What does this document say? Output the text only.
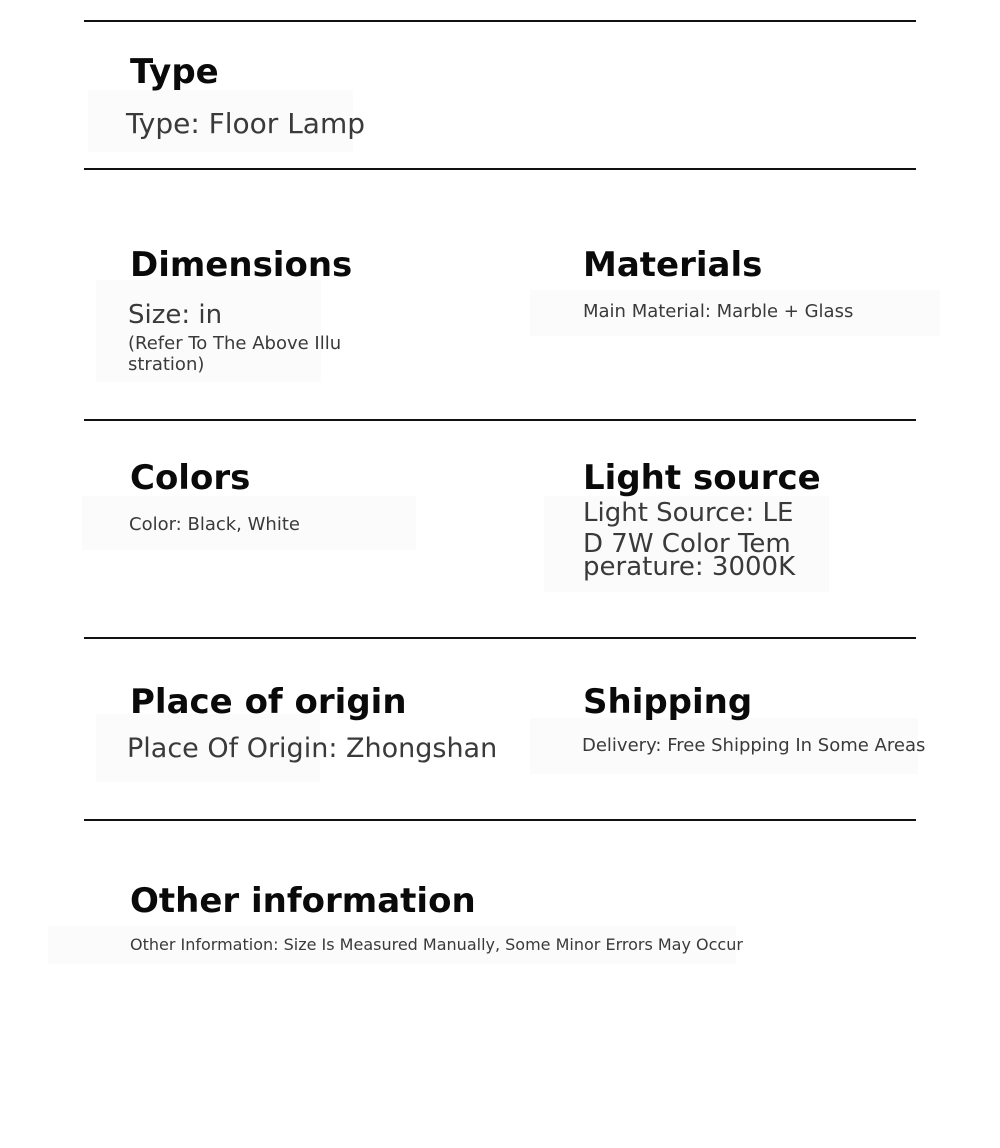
Type

Type: Floor Lamp

Dimensions

Size: in

(Refer To The Above Illu

stration)

Materials

Main Material: Marble + Glass

Colors

Color: Black, White

Light source

Light Source: LE

D 7W Color Tem

perature: 3000K

Place of origin

Place Of Origin: Zhongshan

Shipping

Delivery: Free Shipping In Some Areas

Other information

Other Information: Size Is Measured Manually, Some Minor Errors May Occur
